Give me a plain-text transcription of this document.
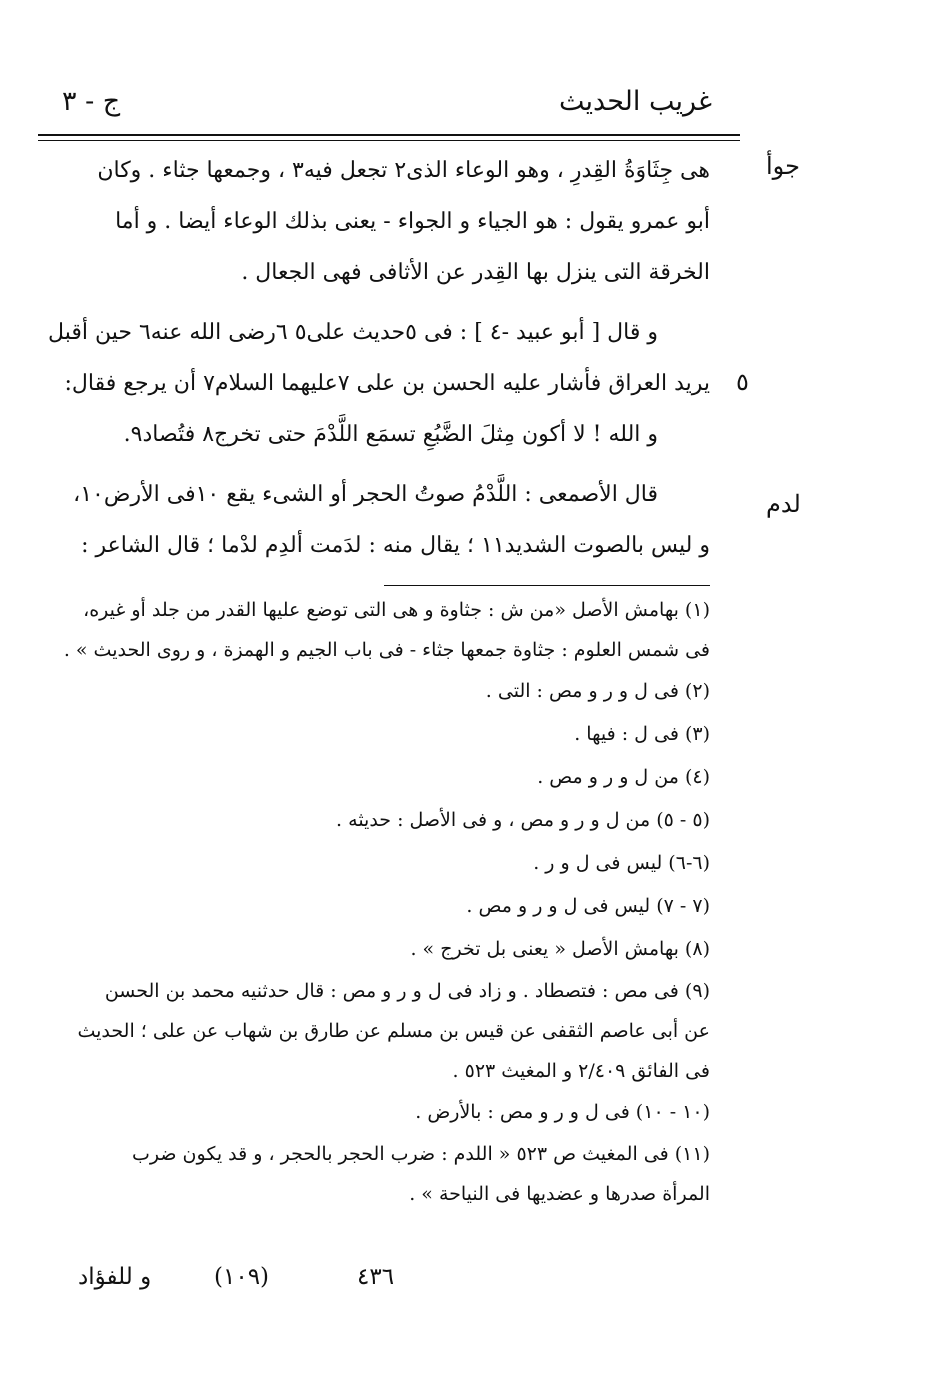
غريب الحديث
ج - ٣
جوأ
٥
لدم
هى جِثَاوَةُ القِدرِ ، وهو الوعاء الذى٢ تجعل فيه٣ ، وجمعها جثاء . وكان
أبو عمرو يقول : هو الجياء و الجواء - يعنى بذلك الوعاء أيضا . و أما
الخرقة التى ينزل بها القِدر عن الأثافى فهى الجعال .
و قال [ أبو عبيد -٤ ] : فى ٥حديث على٥ ٦رضى الله عنه٦ حين أقبل
يريد العراق فأشار عليه الحسن بن على ٧عليهما السلام٧ أن يرجع فقال:
و الله ! لا أكون مِثلَ الضَّبُعِ تسمَع اللَّدْمَ حتى تخرج٨ فتُصاد٩.
قال الأصمعى : اللَّدْمُ صوتُ الحجر أو الشىء يقع ١٠فى الأرض١٠،
و ليس بالصوت الشديد١١ ؛ يقال منه : لدَمت ألدِم لدْما ؛ قال الشاعر :
(١) بهامش الأصل «من ش : جثاوة و هى التى توضع عليها القدر من جلد أو غيره،
فى شمس العلوم : جثاوة جمعها جثاء - فى باب الجيم و الهمزة ، و روى الحديث » .
(٢) فى ل و ر و مص : التى .
(٣) فى ل : فيها .
(٤) من ل و ر و مص .
(٥ - ٥) من ل و ر و مص ، و فى الأصل : حديثه .
(٦-٦) ليس فى ل و ر .
(٧ - ٧) ليس فى ل و ر و مص .
(٨) بهامش الأصل « يعنى بل تخرج » .
(٩) فى مص : فتصطاد . و زاد فى ل و ر و مص : قال حدثنيه محمد بن الحسن
عن أبى عاصم الثقفى عن قيس بن مسلم عن طارق بن شهاب عن على ؛ الحديث
فى الفائق ٢/٤٠٩ و المغيث ٥٢٣ .
(١٠ - ١٠) فى ل و ر و مص : بالأرض .
(١١) فى المغيث ص ٥٢٣ « اللدم : ضرب الحجر بالحجر ، و قد يكون ضرب
المرأة صدرها و عضديها فى النياحة » .
٤٣٦
(١٠٩)
و للفؤاد
